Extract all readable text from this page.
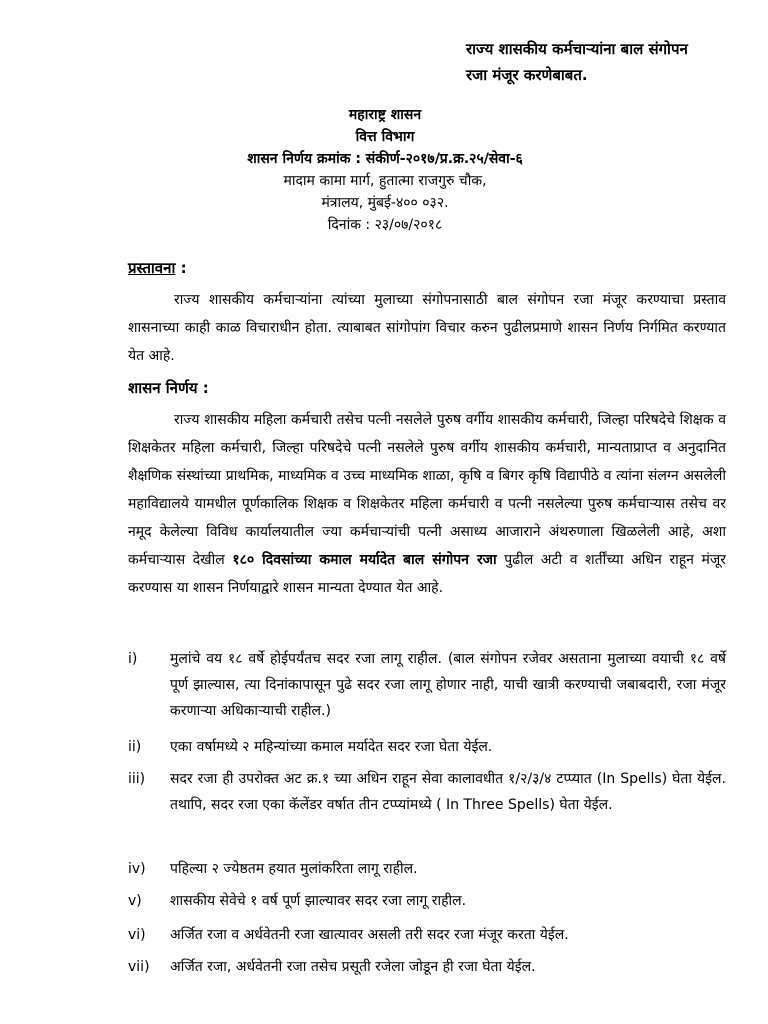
राज्य शासकीय कर्मचाऱ्यांना बाल संगोपन
रजा मंजूर करणेबाबत.
महाराष्ट्र शासन
वित्त विभाग
शासन निर्णय क्रमांक : संकीर्ण-२०१७/प्र.क्र.२५/सेवा-६
मादाम कामा मार्ग, हुतात्मा राजगुरु चौक,
मंत्रालय, मुंबई-४०० ०३२.
दिनांक : २३/०७/२०१८
प्रस्तावना :
राज्य शासकीय कर्मचाऱ्यांना त्यांच्या मुलाच्या संगोपनासाठी बाल संगोपन रजा मंजूर करण्याचा प्रस्ताव शासनाच्या काही काळ विचाराधीन होता. त्याबाबत सांगोपांग विचार करुन पुढीलप्रमाणे शासन निर्णय निर्गमित करण्यात येत आहे.
शासन निर्णय :
राज्य शासकीय महिला कर्मचारी तसेच पत्नी नसलेले पुरुष वर्गीय शासकीय कर्मचारी, जिल्हा परिषदेचे शिक्षक व शिक्षकेतर महिला कर्मचारी, जिल्हा परिषदेचे पत्नी नसलेले पुरुष वर्गीय शासकीय कर्मचारी, मान्यताप्राप्त व अनुदानित शैक्षणिक संस्थांच्या प्राथमिक, माध्यमिक व उच्च माध्यमिक शाळा, कृषि व बिगर कृषि विद्यापीठे व त्यांना संलग्न असलेली महाविद्यालये यामधील पूर्णकालिक शिक्षक व शिक्षकेतर महिला कर्मचारी व पत्नी नसलेल्या पुरुष कर्मचाऱ्यास तसेच वर नमूद केलेल्या विविध कार्यालयातील ज्या कर्मचाऱ्यांची पत्नी असाध्य आजाराने अंथरुणाला खिळलेली आहे, अशा कर्मचाऱ्यास देखील १८० दिवसांच्या कमाल मर्यादेत बाल संगोपन रजा पुढील अटी व शर्तींच्या अधिन राहून मंजूर करण्यास या शासन निर्णयाद्वारे शासन मान्यता देण्यात येत आहे.
i)	मुलांचे वय १८ वर्षे होईपर्यंतच सदर रजा लागू राहील. (बाल संगोपन रजेवर असताना मुलाच्या वयाची १८ वर्षे पूर्ण झाल्यास, त्या दिनांकापासून पुढे सदर रजा लागू होणार नाही, याची खात्री करण्याची जबाबदारी, रजा मंजूर करणाऱ्या अधिकाऱ्याची राहील.)
ii)	एका वर्षामध्ये २ महिन्यांच्या कमाल मर्यादेत सदर रजा घेता येईल.
iii)	सदर रजा ही उपरोक्त अट क्र.१ च्या अधिन राहून सेवा कालावधीत १/२/३/४ टप्प्यात (In Spells) घेता येईल. तथापि, सदर रजा एका कॅलेंडर वर्षात तीन टप्प्यांमध्ये ( In Three Spells) घेता येईल.
iv)	पहिल्या २ ज्येष्ठतम हयात मुलांकरिता लागू राहील.
v)	शासकीय सेवेचे १ वर्ष पूर्ण झाल्यावर सदर रजा लागू राहील.
vi)	अर्जित रजा व अर्धवेतनी रजा खात्यावर असली तरी सदर रजा मंजूर करता येईल.
vii)	अर्जित रजा, अर्धवेतनी रजा तसेच प्रसूती रजेला जोडून ही रजा घेता येईल.
